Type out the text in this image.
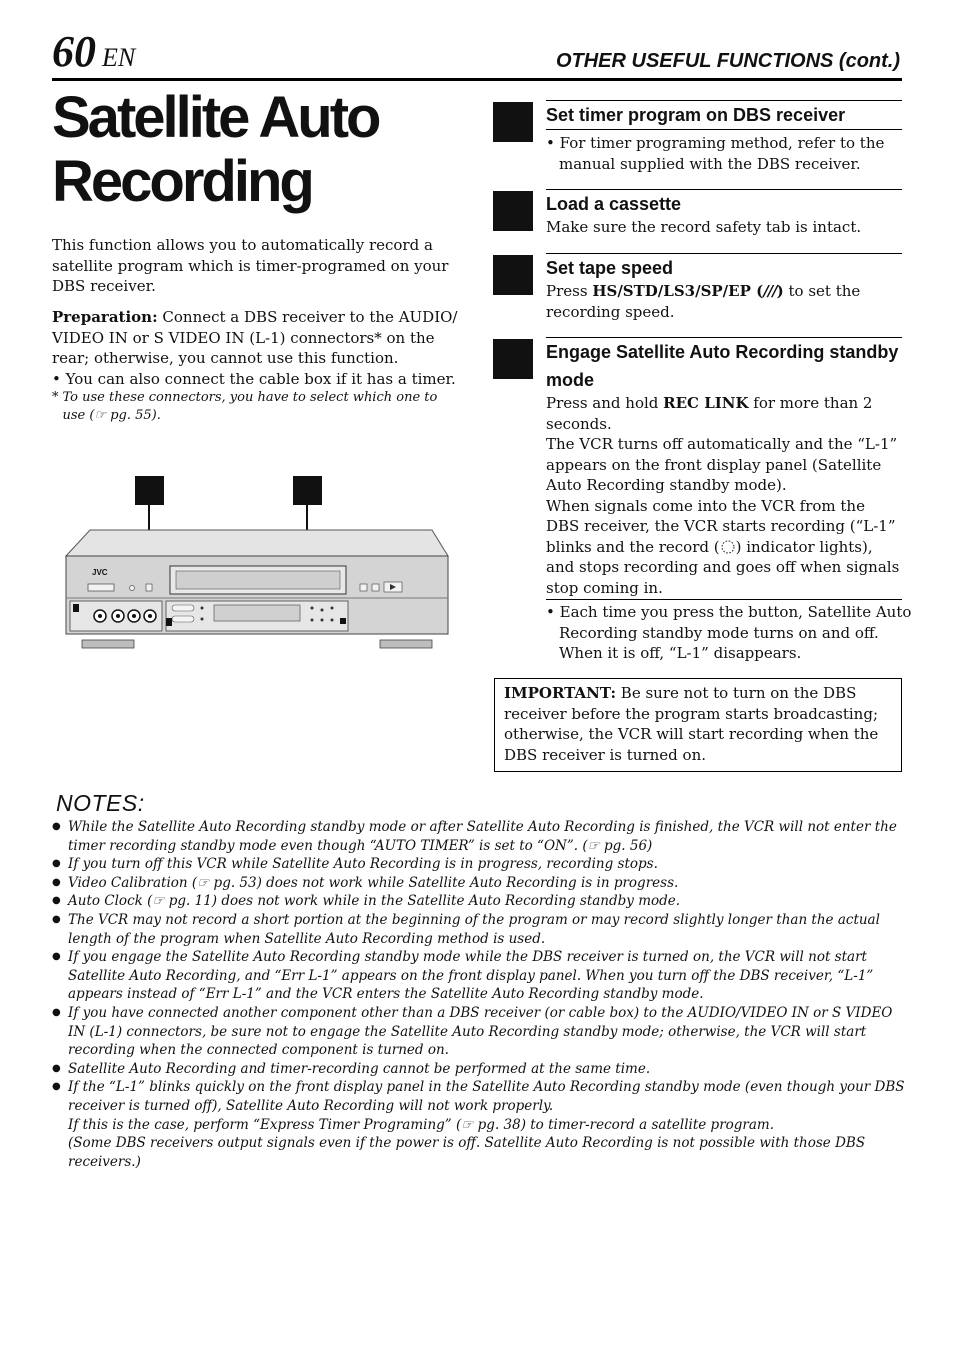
60 EN	OTHER USEFUL FUNCTIONS (cont.)
Satellite Auto
Recording
This function allows you to automatically record a satellite program which is timer-programed on your DBS receiver.
Preparation: Connect a DBS receiver to the AUDIO/ VIDEO IN or S VIDEO IN (L-1) connectors* on the rear; otherwise, you cannot use this function.
• You can also connect the cable box if it has a timer.
* To use these connectors, you have to select which one to use (☞ pg. 55).
JVC
Set timer program on DBS receiver
• For timer programing method, refer to the manual supplied with the DBS receiver.
Load a cassette
Make sure the record safety tab is intact.
Set tape speed
Press HS/STD/LS3/SP/EP (///) to set the recording speed.
Engage Satellite Auto Recording standby
mode
Press and hold REC LINK for more than 2 seconds.
The VCR turns off automatically and the “L-1” appears on the front display panel (Satellite Auto Recording standby mode).
When signals come into the VCR from the DBS receiver, the VCR starts recording (“L-1” blinks and the record ( ) indicator lights), and stops recording and goes off when signals stop coming in.
• Each time you press the button, Satellite Auto Recording standby mode turns on and off. When it is off, “L-1” disappears.
IMPORTANT: Be sure not to turn on the DBS receiver before the program starts broadcasting; otherwise, the VCR will start recording when the DBS receiver is turned on.
NOTES:
● While the Satellite Auto Recording standby mode or after Satellite Auto Recording is finished, the VCR will not enter the timer recording standby mode even though “AUTO TIMER” is set to “ON”. (☞ pg. 56)
● If you turn off this VCR while Satellite Auto Recording is in progress, recording stops.
● Video Calibration (☞ pg. 53) does not work while Satellite Auto Recording is in progress.
● Auto Clock (☞ pg. 11) does not work while in the Satellite Auto Recording standby mode.
● The VCR may not record a short portion at the beginning of the program or may record slightly longer than the actual length of the program when Satellite Auto Recording method is used.
● If you engage the Satellite Auto Recording standby mode while the DBS receiver is turned on, the VCR will not start Satellite Auto Recording, and “Err L-1” appears on the front display panel. When you turn off the DBS receiver, “L-1” appears instead of “Err L-1” and the VCR enters the Satellite Auto Recording standby mode.
● If you have connected another component other than a DBS receiver (or cable box) to the AUDIO/VIDEO IN or S VIDEO IN (L-1) connectors, be sure not to engage the Satellite Auto Recording standby mode; otherwise, the VCR will start recording when the connected component is turned on.
● Satellite Auto Recording and timer-recording cannot be performed at the same time.
● If the “L-1” blinks quickly on the front display panel in the Satellite Auto Recording standby mode (even though your DBS receiver is turned off), Satellite Auto Recording will not work properly.
If this is the case, perform “Express Timer Programing” (☞ pg. 38) to timer-record a satellite program.
(Some DBS receivers output signals even if the power is off. Satellite Auto Recording is not possible with those DBS receivers.)
